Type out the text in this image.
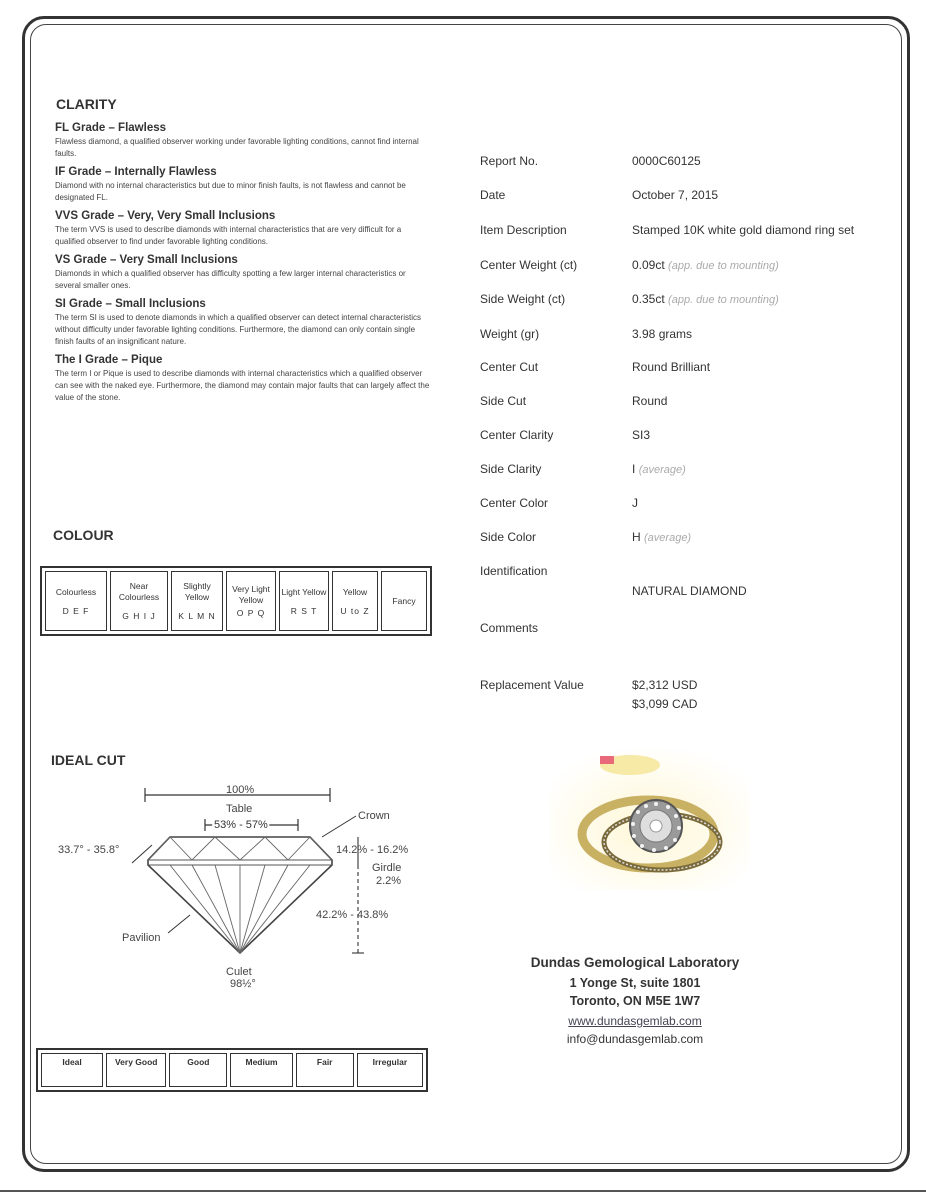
CLARITY
FL Grade – Flawless
Flawless diamond, a qualified observer working under favorable lighting conditions, cannot find internal faults.
IF Grade – Internally Flawless
Diamond with no internal characteristics but due to minor finish faults, is not flawless and cannot be designated FL.
VVS Grade – Very, Very Small Inclusions
The term VVS is used to describe diamonds with internal characteristics that are very difficult for a qualified observer to find under favorable lighting conditions.
VS Grade – Very Small Inclusions
Diamonds in which a qualified observer has difficulty spotting a few larger internal characteristics or several smaller ones.
SI Grade – Small Inclusions
The term SI is used to denote diamonds in which a qualified observer can detect internal characteristics without difficulty under favorable lighting conditions. Furthermore, the diamond can only contain single finish faults of an insignificant nature.
The I Grade – Pique
The term I or Pique is used to describe diamonds with internal characteristics which a qualified observer can see with the naked eye. Furthermore, the diamond may contain major faults that can largely affect the value of the stone.
COLOUR
Colourless
D E F

Near Colourless
G H I J

Slightly Yellow
K L M N

Very Light Yellow
O P Q

Light Yellow
R S T

Yellow
U to Z

Fancy
IDEAL CUT
100%
Table
53% - 57%
Crown
33.7° - 35.8°	14.2% - 16.2%
Girdle
2.2%
42.2% - 43.8%
Pavilion
Culet
98½°
Ideal	Very Good	Good	Medium	Fair	Irregular
Report No.	0000C60125
Date	October 7, 2015
Item Description	Stamped 10K white gold diamond ring set
Center Weight (ct)	0.09ct (app. due to mounting)
Side Weight (ct)	0.35ct (app. due to mounting)
Weight (gr)	3.98 grams
Center Cut	Round Brilliant
Side Cut	Round
Center Clarity	SI3
Side Clarity	I (average)
Center Color	J
Side Color	H (average)
Identification
NATURAL DIAMOND
Comments
Replacement Value	$2,312 USD
$3,099 CAD
Dundas Gemological Laboratory
1 Yonge St, suite 1801
Toronto, ON M5E 1W7
www.dundasgemlab.com
info@dundasgemlab.com
